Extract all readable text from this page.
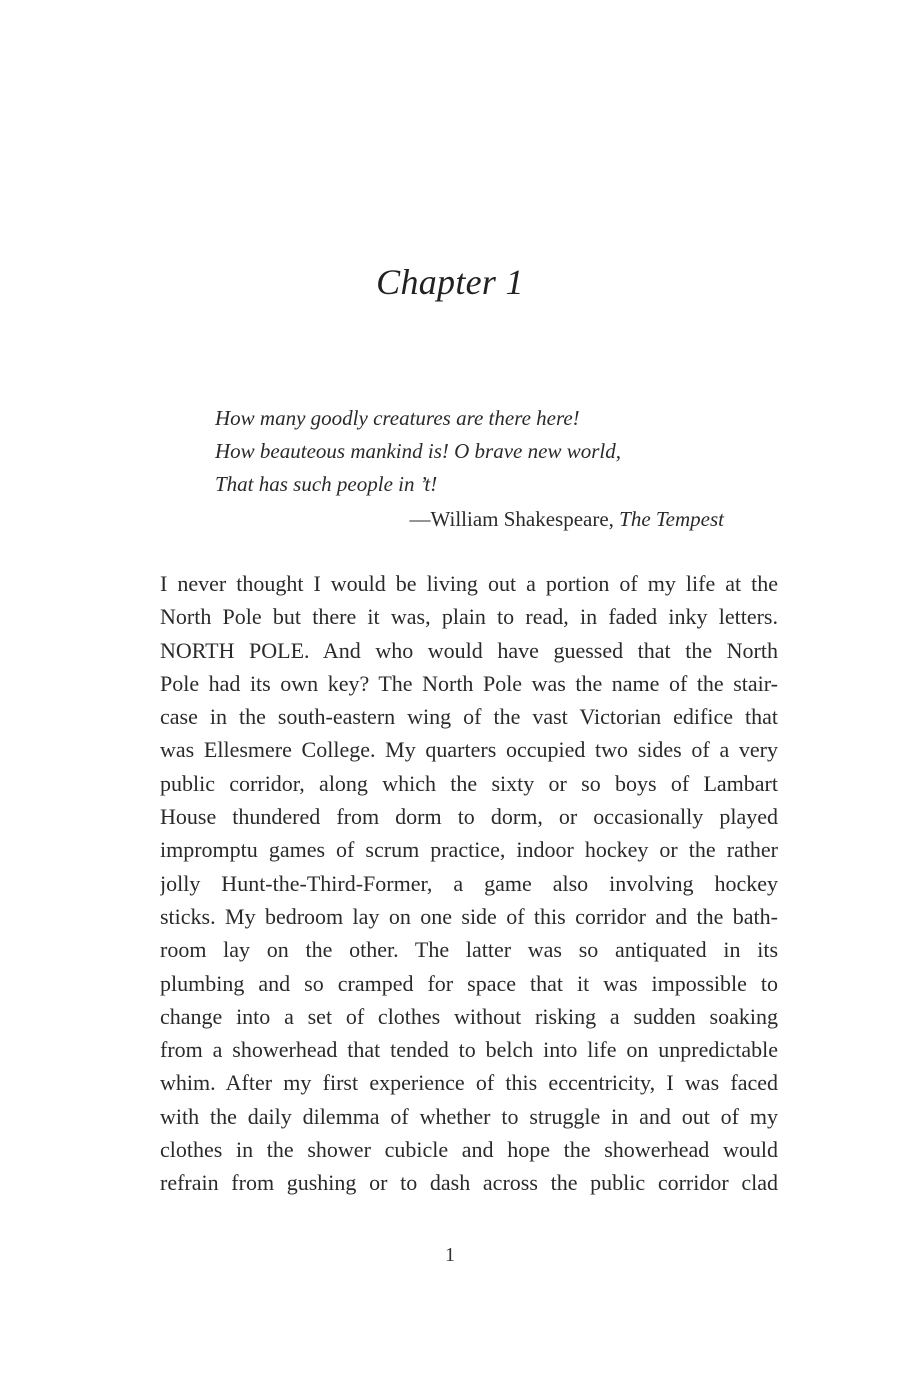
Chapter 1
How many goodly creatures are there here!
How beauteous mankind is! O brave new world,
That has such people in ’t!
—William Shakespeare, The Tempest
I never thought I would be living out a portion of my life at the
North Pole but there it was, plain to read, in faded inky letters.
NORTH POLE. And who would have guessed that the North
Pole had its own key? The North Pole was the name of the stair-
case in the south-eastern wing of the vast Victorian edifice that
was Ellesmere College. My quarters occupied two sides of a very
public corridor, along which the sixty or so boys of Lambart
House thundered from dorm to dorm, or occasionally played
impromptu games of scrum practice, indoor hockey or the rather
jolly Hunt-the-Third-Former, a game also involving hockey
sticks. My bedroom lay on one side of this corridor and the bath-
room lay on the other. The latter was so antiquated in its
plumbing and so cramped for space that it was impossible to
change into a set of clothes without risking a sudden soaking
from a showerhead that tended to belch into life on unpredictable
whim. After my first experience of this eccentricity, I was faced
with the daily dilemma of whether to struggle in and out of my
clothes in the shower cubicle and hope the showerhead would
refrain from gushing or to dash across the public corridor clad
1
